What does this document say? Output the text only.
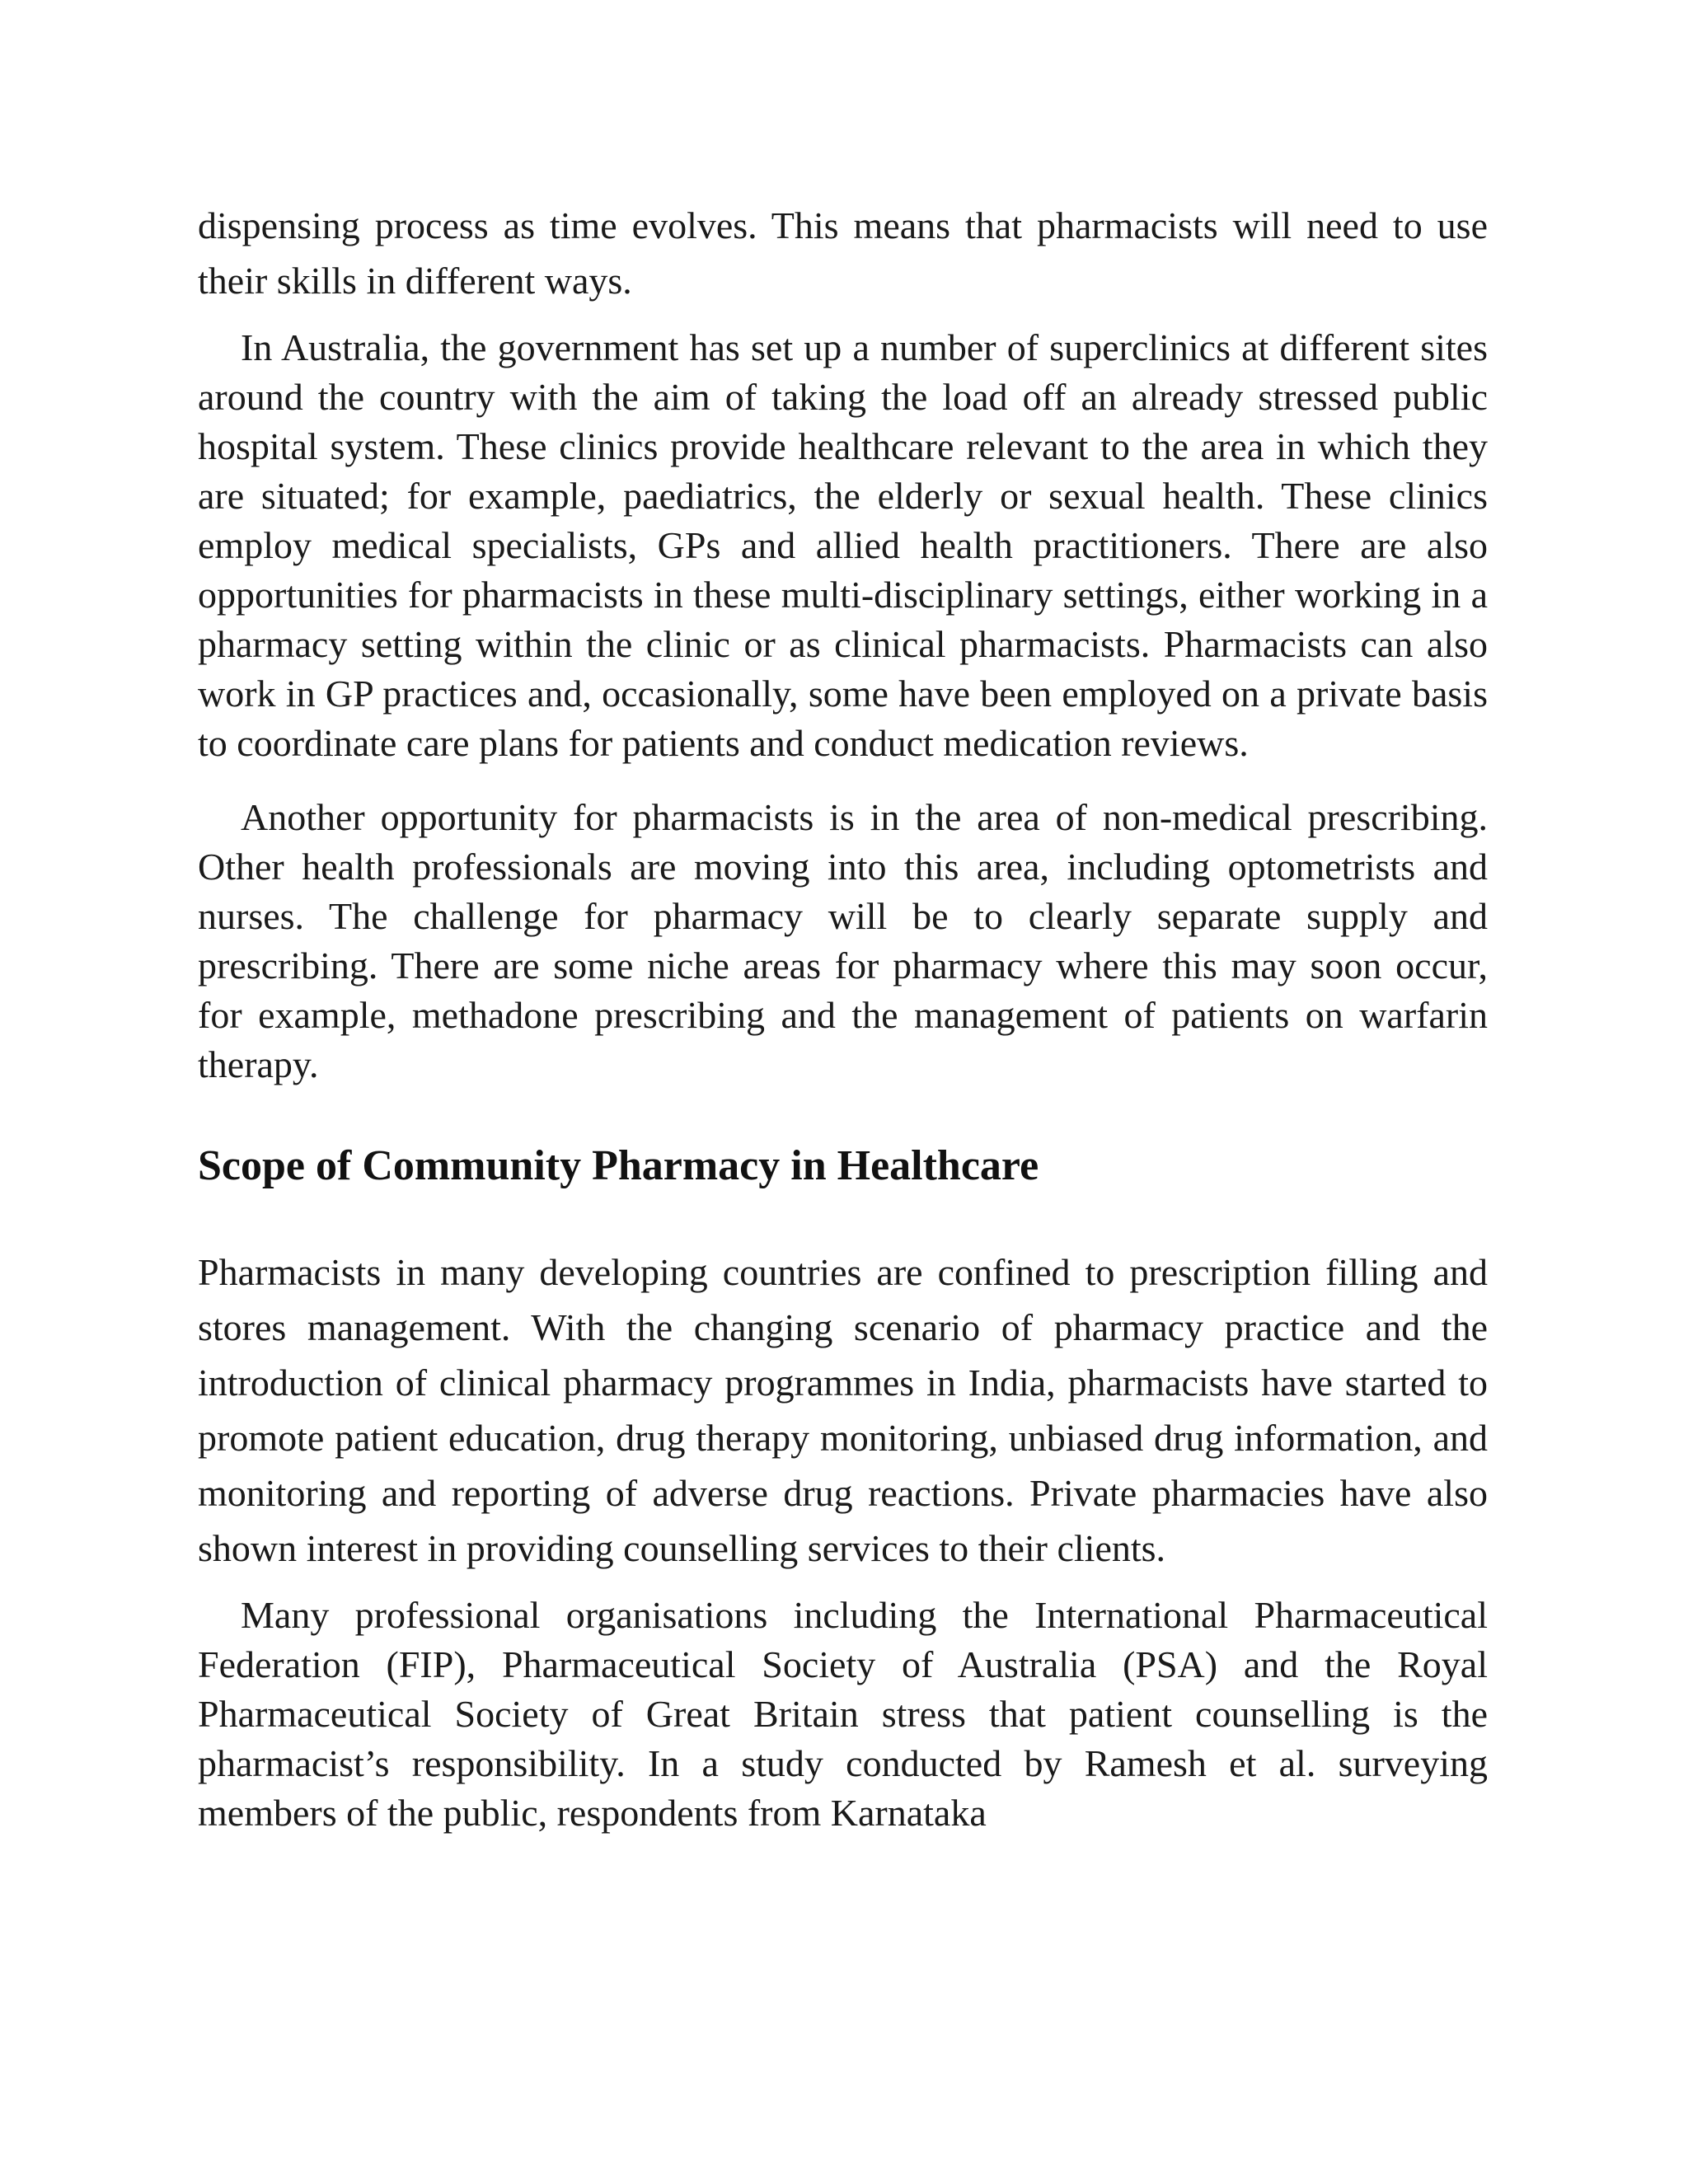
dispensing process as time evolves. This means that pharmacists will need to use their skills in different ways.

In Australia, the government has set up a number of superclinics at different sites around the country with the aim of taking the load off an already stressed public hospital system. These clinics provide healthcare relevant to the area in which they are situated; for example, paediatrics, the elderly or sexual health. These clinics employ medical specialists, GPs and allied health practitioners. There are also opportunities for pharmacists in these multi-disciplinary settings, either working in a pharmacy setting within the clinic or as clinical pharmacists. Pharmacists can also work in GP practices and, occasionally, some have been employed on a private basis to coordinate care plans for patients and conduct medication reviews.

Another opportunity for pharmacists is in the area of non-medical prescribing. Other health professionals are moving into this area, including optometrists and nurses. The challenge for pharmacy will be to clearly separate supply and prescribing. There are some niche areas for pharmacy where this may soon occur, for example, methadone prescribing and the management of patients on warfarin therapy.

Scope of Community Pharmacy in Healthcare

Pharmacists in many developing countries are confined to prescription filling and stores management. With the changing scenario of pharmacy practice and the introduction of clinical pharmacy programmes in India, pharmacists have started to promote patient education, drug therapy monitoring, unbiased drug information, and monitoring and reporting of adverse drug reactions. Private pharmacies have also shown interest in providing counselling services to their clients.

Many professional organisations including the International Pharmaceutical Federation (FIP), Pharmaceutical Society of Australia (PSA) and the Royal Pharmaceutical Society of Great Britain stress that patient counselling is the pharmacist’s responsibility. In a study conducted by Ramesh et al. surveying members of the public, respondents from Karnataka
